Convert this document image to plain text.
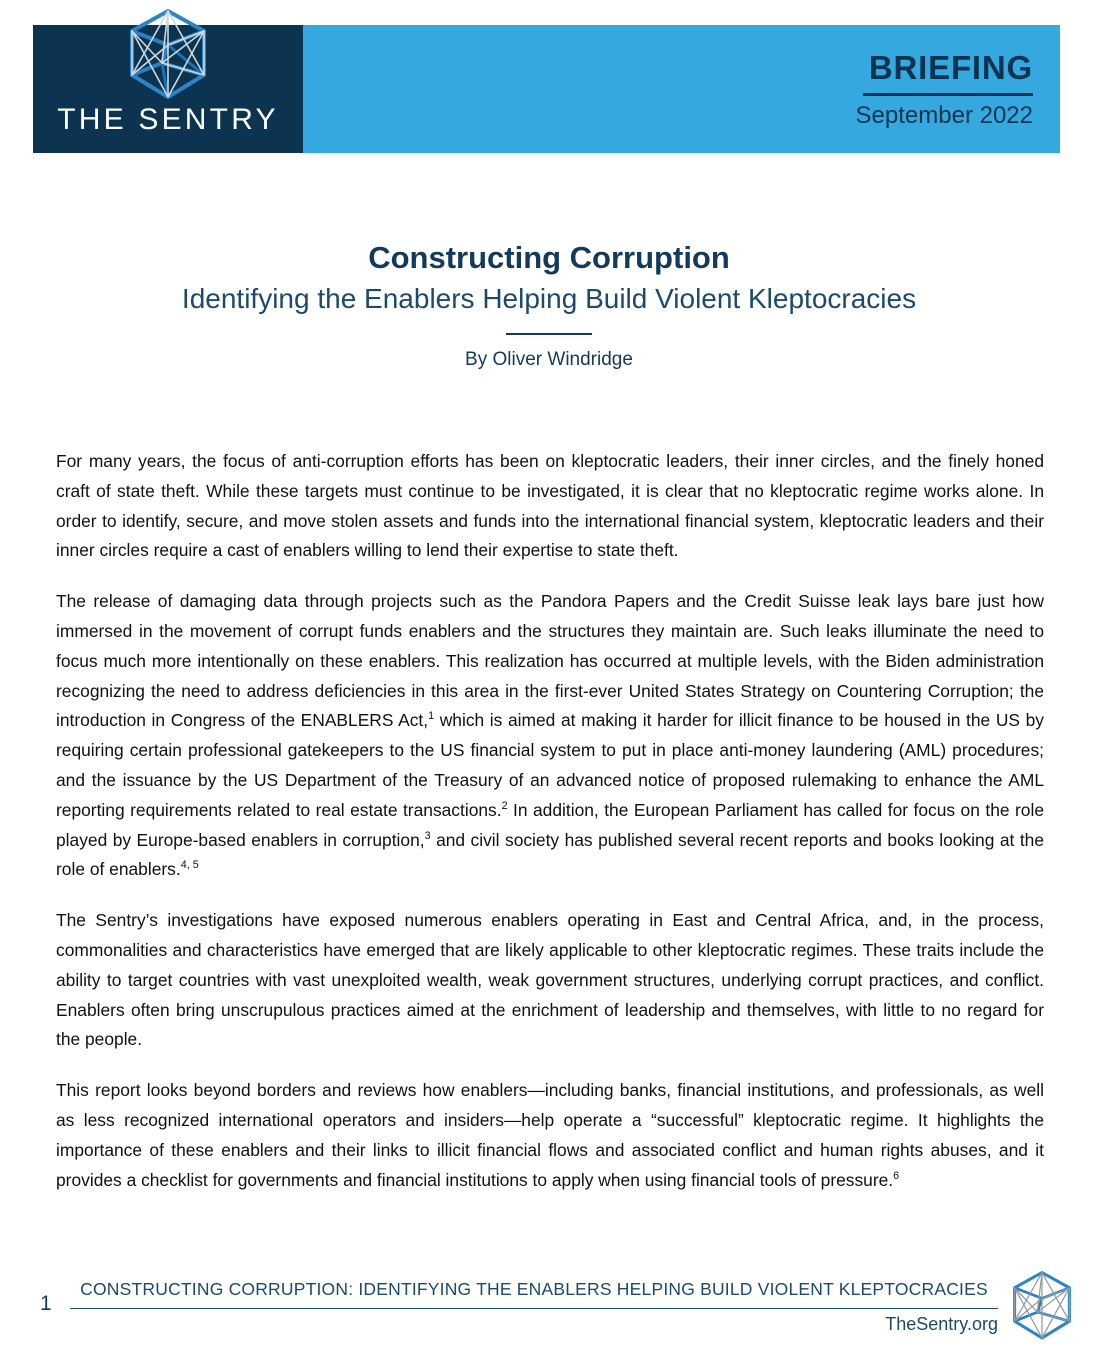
THE SENTRY
BRIEFING
September 2022
Constructing Corruption
Identifying the Enablers Helping Build Violent Kleptocracies
By Oliver Windridge

For many years, the focus of anti-corruption efforts has been on kleptocratic leaders, their inner circles, and the finely honed craft of state theft. While these targets must continue to be investigated, it is clear that no kleptocratic regime works alone. In order to identify, secure, and move stolen assets and funds into the international financial system, kleptocratic leaders and their inner circles require a cast of enablers willing to lend their expertise to state theft.

The release of damaging data through projects such as the Pandora Papers and the Credit Suisse leak lays bare just how immersed in the movement of corrupt funds enablers and the structures they maintain are. Such leaks illuminate the need to focus much more intentionally on these enablers. This realization has occurred at multiple levels, with the Biden administration recognizing the need to address deficiencies in this area in the first-ever United States Strategy on Countering Corruption; the introduction in Congress of the ENABLERS Act,$^1$ which is aimed at making it harder for illicit finance to be housed in the US by requiring certain professional gatekeepers to the US financial system to put in place anti-money laundering (AML) procedures; and the issuance by the US Department of the Treasury of an advanced notice of proposed rulemaking to enhance the AML reporting requirements related to real estate transactions.$^2$ In addition, the European Parliament has called for focus on the role played by Europe-based enablers in corruption,$^3$ and civil society has published several recent reports and books looking at the role of enablers.$^{4, 5}$

The Sentry’s investigations have exposed numerous enablers operating in East and Central Africa, and, in the process, commonalities and characteristics have emerged that are likely applicable to other kleptocratic regimes. These traits include the ability to target countries with vast unexploited wealth, weak government structures, underlying corrupt practices, and conflict. Enablers often bring unscrupulous practices aimed at the enrichment of leadership and themselves, with little to no regard for the people.

This report looks beyond borders and reviews how enablers—including banks, financial institutions, and professionals, as well as less recognized international operators and insiders—help operate a “successful” kleptocratic regime. It highlights the importance of these enablers and their links to illicit financial flows and associated conflict and human rights abuses, and it provides a checklist for governments and financial institutions to apply when using financial tools of pressure.$^6$

1
CONSTRUCTING CORRUPTION: IDENTIFYING THE ENABLERS HELPING BUILD VIOLENT KLEPTOCRACIES
TheSentry.org
